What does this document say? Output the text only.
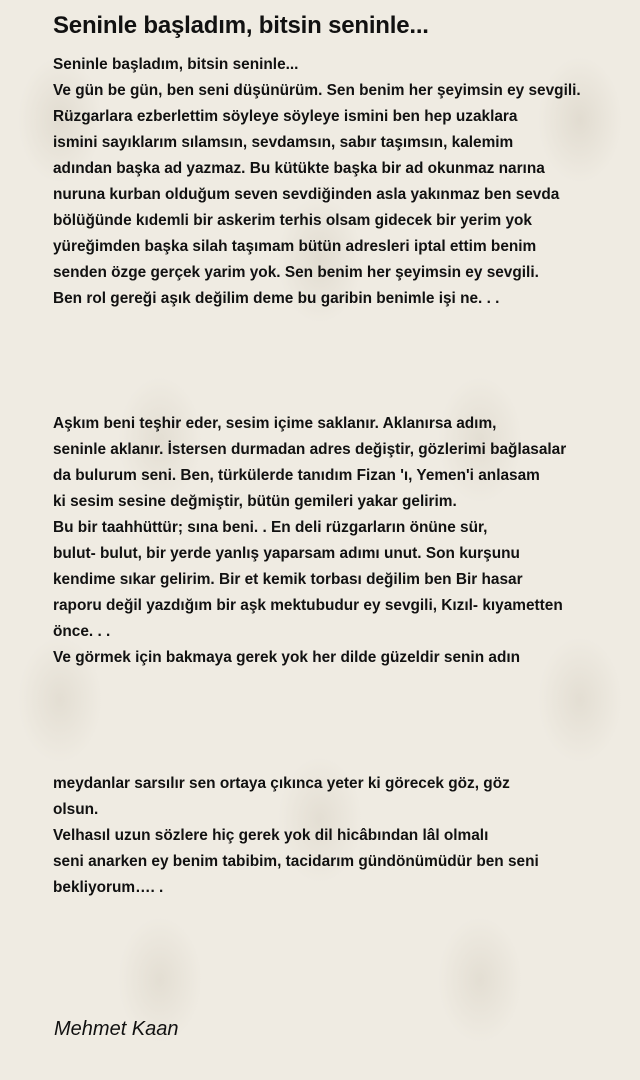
Seninle başladım, bitsin seninle...
Seninle başladım, bitsin seninle...
Ve gün be gün, ben seni düşünürüm. Sen benim her şeyimsin ey sevgili.
Rüzgarlara ezberlettim söyleye söyleye ismini ben hep uzaklara
ismini sayıklarım sılamsın, sevdamsın, sabır taşımsın, kalemim
adından başka ad yazmaz. Bu kütükte başka bir ad okunmaz narına
nuruna kurban olduğum seven sevdiğinden asla yakınmaz ben sevda
bölüğünde kıdemli bir askerim terhis olsam gidecek bir yerim yok
yüreğimden başka silah taşımam bütün adresleri iptal ettim benim
senden özge gerçek yarim yok. Sen benim her şeyimsin ey sevgili.
Ben rol gereği aşık değilim deme bu garibin benimle işi ne. . .
Aşkım beni teşhir eder, sesim içime saklanır. Aklanırsa adım,
seninle aklanır. İstersen durmadan adres değiştir, gözlerimi bağlasalar
da bulurum seni. Ben, türkülerde tanıdım Fizan 'ı, Yemen'i anlasam
ki sesim sesine değmiştir, bütün gemileri yakar gelirim.
Bu bir taahhüttür; sına beni. . En deli rüzgarların önüne sür,
bulut- bulut, bir yerde yanlış yaparsam adımı unut. Son kurşunu
kendime sıkar gelirim. Bir et kemik torbası değilim ben Bir hasar
raporu değil yazdığım bir aşk mektubudur ey sevgili, Kızıl- kıyametten
önce. . .
Ve görmek için bakmaya gerek yok her dilde güzeldir senin adın
meydanlar sarsılır sen ortaya çıkınca yeter ki görecek göz, göz
olsun.
Velhasıl uzun sözlere hiç gerek yok dil hicâbından lâl olmalı
seni anarken ey benim tabibim, tacidarım gündönümüdür ben seni
bekliyorum…. .
Mehmet Kaan
